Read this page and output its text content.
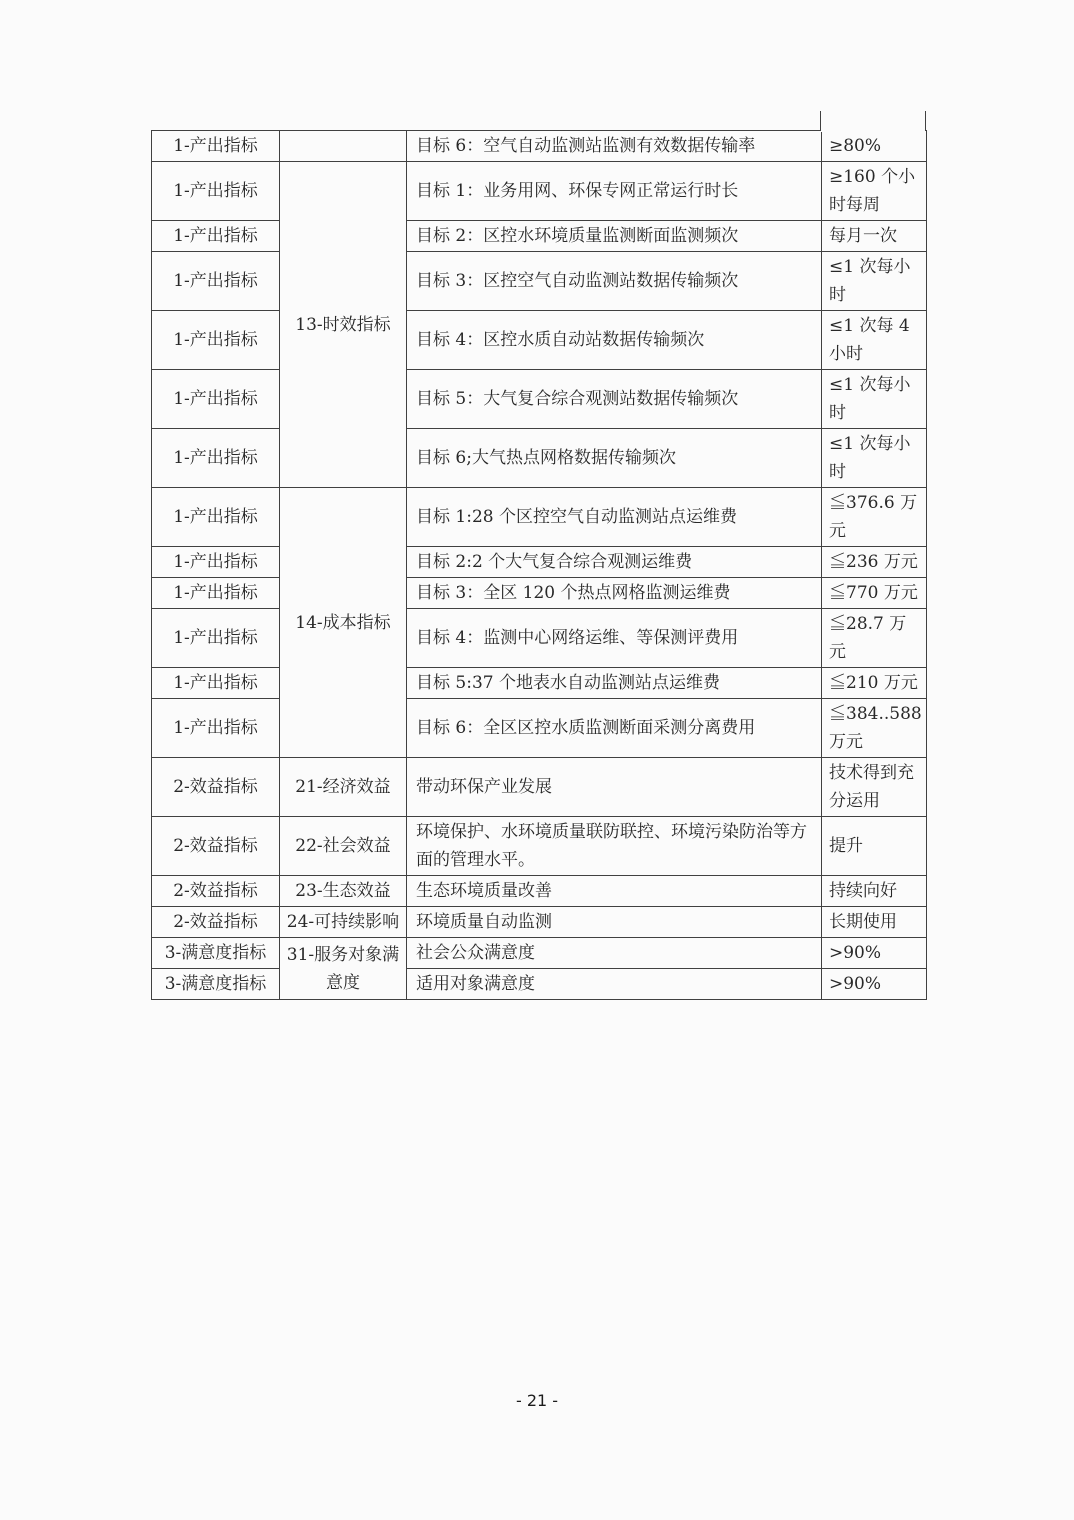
1-产出指标		目标 6：空气自动监测站监测有效数据传输率	≥80%
1-产出指标	13-时效指标	目标 1：业务用网、环保专网正常运行时长	≥160 个小时每周
1-产出指标		目标 2：区控水环境质量监测断面监测频次	每月一次
1-产出指标		目标 3：区控空气自动监测站数据传输频次	≤1 次每小时
1-产出指标		目标 4：区控水质自动站数据传输频次	≤1 次每 4 小时
1-产出指标		目标 5：大气复合综合观测站数据传输频次	≤1 次每小时
1-产出指标		目标 6;大气热点网格数据传输频次	≤1 次每小时
1-产出指标	14-成本指标	目标 1:28 个区控空气自动监测站点运维费	≦376.6 万元
1-产出指标		目标 2:2 个大气复合综合观测运维费	≦236 万元
1-产出指标		目标 3：全区 120 个热点网格监测运维费	≦770 万元
1-产出指标		目标 4：监测中心网络运维、等保测评费用	≦28.7 万元
1-产出指标		目标 5:37 个地表水自动监测站点运维费	≦210 万元
1-产出指标		目标 6：全区区控水质监测断面采测分离费用	≦384..588 万元
2-效益指标	21-经济效益	带动环保产业发展	技术得到充分运用
2-效益指标	22-社会效益	环境保护、水环境质量联防联控、环境污染防治等方面的管理水平。	提升
2-效益指标	23-生态效益	生态环境质量改善	持续向好
2-效益指标	24-可持续影响	环境质量自动监测	长期使用
3-满意度指标	31-服务对象满意度	社会公众满意度	>90%
3-满意度指标		适用对象满意度	>90%
- 21 -
